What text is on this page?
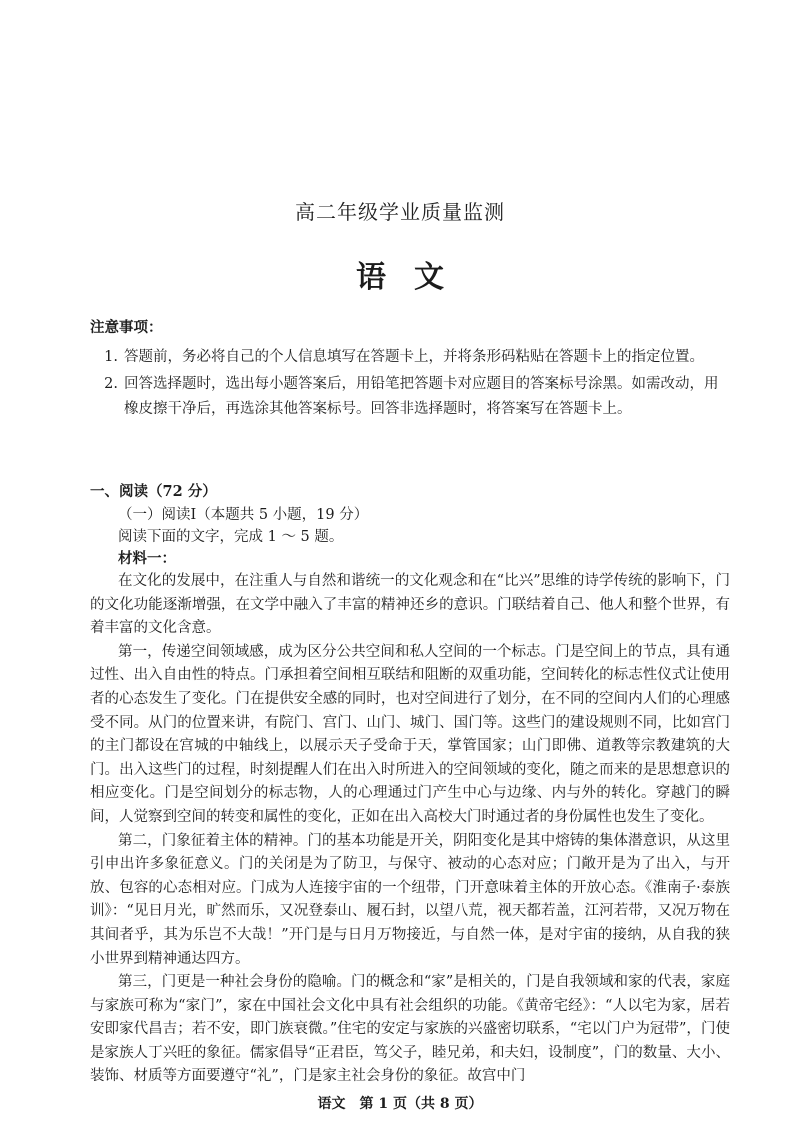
高二年级学业质量监测
语文
注意事项：
1. 答题前，务必将自己的个人信息填写在答题卡上，并将条形码粘贴在答题卡上的指定位置。
2. 回答选择题时，选出每小题答案后，用铅笔把答题卡对应题目的答案标号涂黑。如需改动，用橡皮擦干净后，再选涂其他答案标号。回答非选择题时，将答案写在答题卡上。
一、阅读（72 分）
（一）阅读Ⅰ（本题共 5 小题，19 分）
阅读下面的文字，完成 1 ～ 5 题。
材料一：

在文化的发展中，在注重人与自然和谐统一的文化观念和在“比兴”思维的诗学传统的影响下，门的文化功能逐渐增强，在文学中融入了丰富的精神还乡的意识。门联结着自己、他人和整个世界，有着丰富的文化含意。

第一，传递空间领域感，成为区分公共空间和私人空间的一个标志。门是空间上的节点，具有通过性、出入自由性的特点。门承担着空间相互联结和阻断的双重功能，空间转化的标志性仪式让使用者的心态发生了变化。门在提供安全感的同时，也对空间进行了划分，在不同的空间内人们的心理感受不同。从门的位置来讲，有院门、宫门、山门、城门、国门等。这些门的建设规则不同，比如宫门的主门都设在宫城的中轴线上，以展示天子受命于天，掌管国家；山门即佛、道教等宗教建筑的大门。出入这些门的过程，时刻提醒人们在出入时所进入的空间领域的变化，随之而来的是思想意识的相应变化。门是空间划分的标志物，人的心理通过门产生中心与边缘、内与外的转化。穿越门的瞬间，人觉察到空间的转变和属性的变化，正如在出入高校大门时通过者的身份属性也发生了变化。

第二，门象征着主体的精神。门的基本功能是开关，阴阳变化是其中熔铸的集体潜意识，从这里引申出许多象征意义。门的关闭是为了防卫，与保守、被动的心态对应；门敞开是为了出入，与开放、包容的心态相对应。门成为人连接宇宙的一个纽带，门开意味着主体的开放心态。《淮南子·泰族训》：“见日月光，旷然而乐，又况登泰山、履石封，以望八荒，视天都若盖，江河若带，又况万物在其间者乎，其为乐岂不大哉！”开门是与日月万物接近，与自然一体，是对宇宙的接纳，从自我的狭小世界到精神通达四方。

第三，门更是一种社会身份的隐喻。门的概念和“家”是相关的，门是自我领域和家的代表，家庭与家族可称为“家门”，家在中国社会文化中具有社会组织的功能。《黄帝宅经》：“人以宅为家，居若安即家代昌吉；若不安，即门族衰微。”住宅的安定与家族的兴盛密切联系，“宅以门户为冠带”，门使是家族人丁兴旺的象征。儒家倡导“正君臣，笃父子，睦兄弟，和夫妇，设制度”，门的数量、大小、装饰、材质等方面要遵守“礼”，门是家主社会身份的象征。故宫中门

语文　第 1 页（共 8 页）
